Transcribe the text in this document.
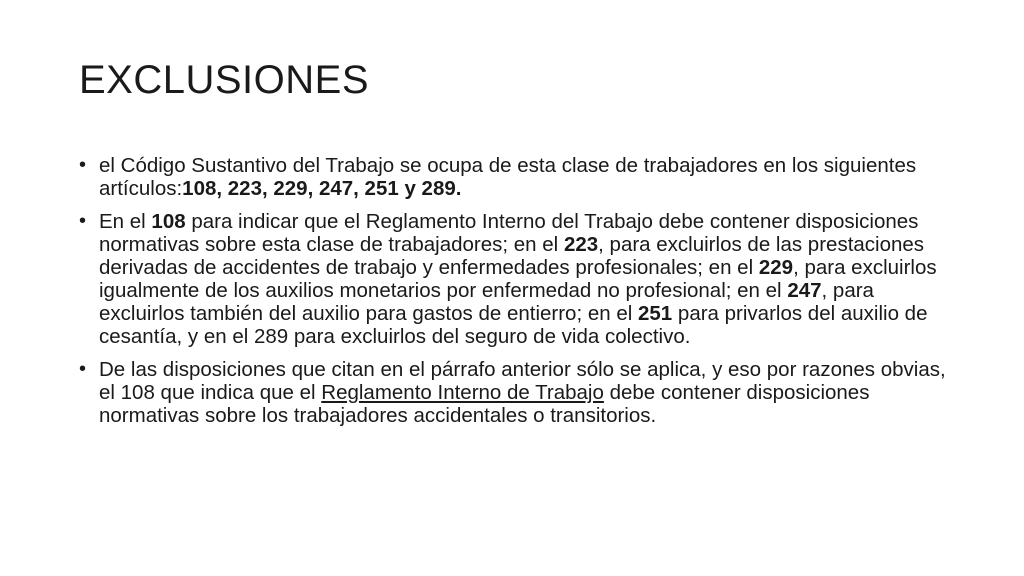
EXCLUSIONES
• el Código Sustantivo del Trabajo se ocupa de esta clase de trabajadores en los siguientes artículos:108, 223, 229, 247, 251 y 289.
• En el 108 para indicar que el Reglamento Interno del Trabajo debe contener disposiciones normativas sobre esta clase de trabajadores; en el 223, para excluirlos de las prestaciones derivadas de accidentes de trabajo y enfermedades profesionales; en el 229, para excluirlos igualmente de los auxilios monetarios por enfermedad no profesional; en el 247, para excluirlos también del auxilio para gastos de entierro; en el 251 para privarlos del auxilio de cesantía, y en el 289 para excluirlos del seguro de vida colectivo.
• De las disposiciones que citan en el párrafo anterior sólo se aplica, y eso por razones obvias, el 108 que indica que el Reglamento Interno de Trabajo debe contener disposiciones normativas sobre los trabajadores accidentales o transitorios.
